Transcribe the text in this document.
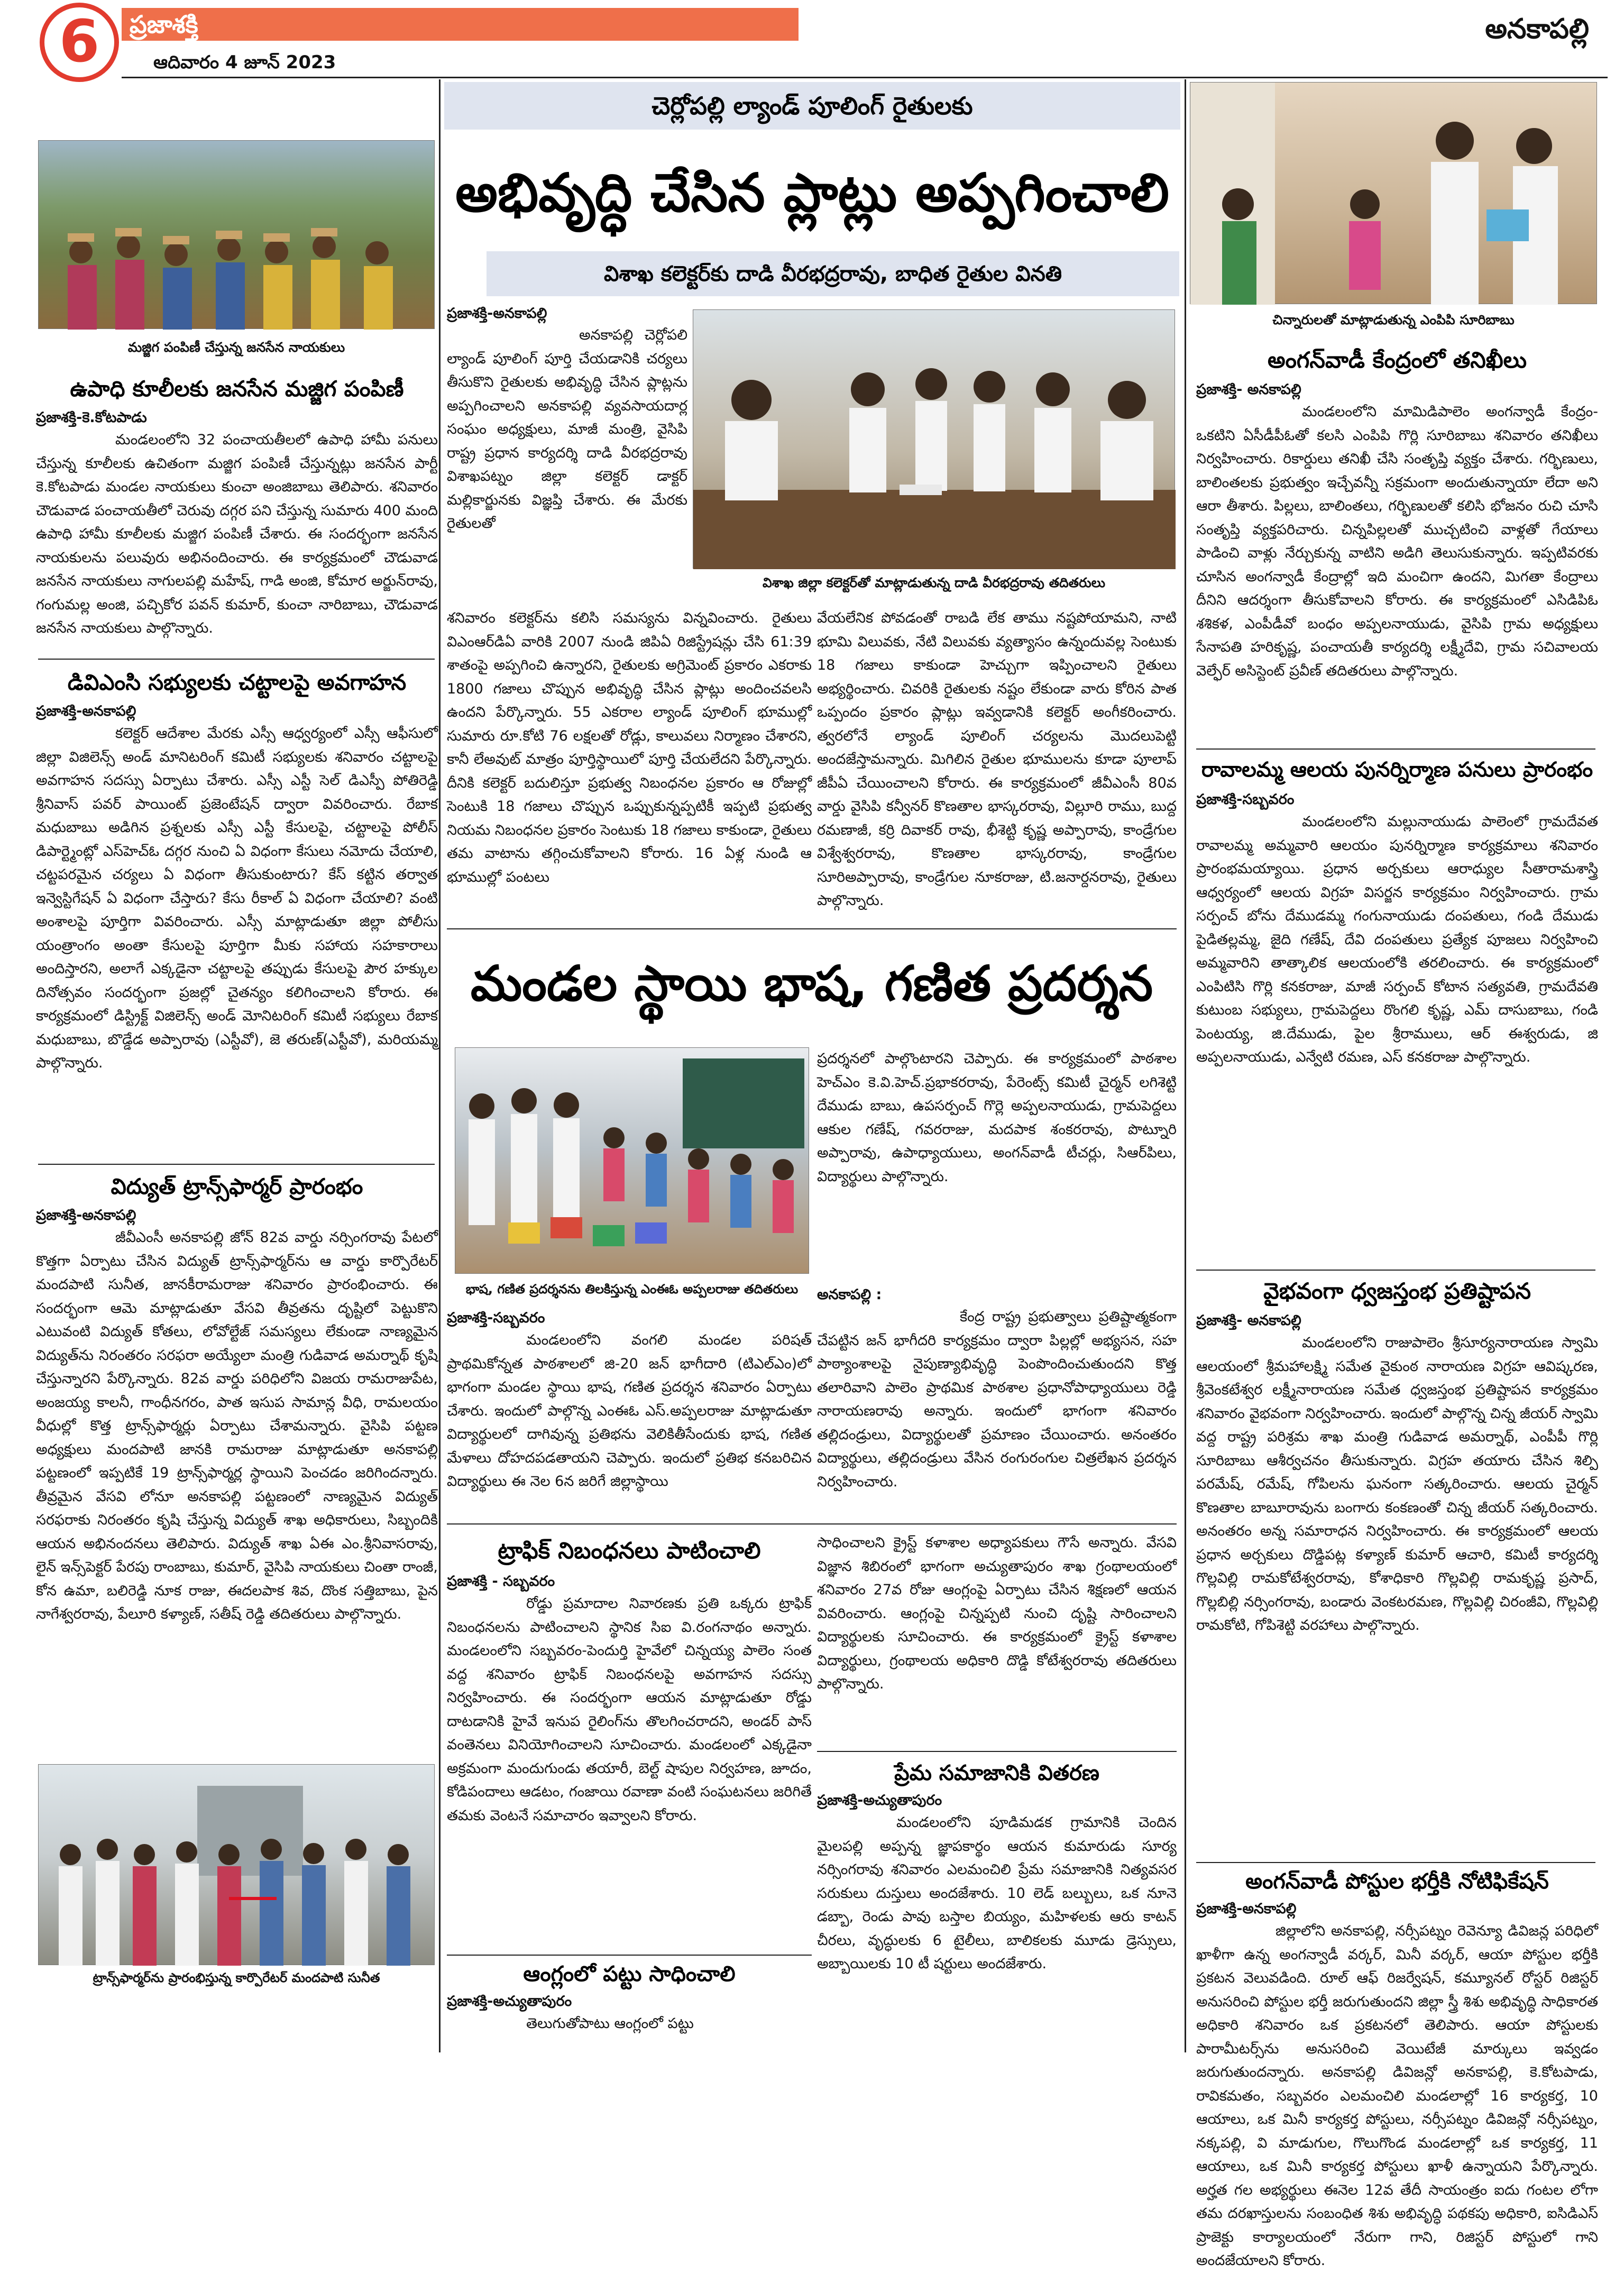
6	ప్రజాశక్తి	అనకాపల్లి
ఆదివారం 4 జూన్ 2023
మజ్జిగ పంపిణీ చేస్తున్న జనసేన నాయకులు
ఉపాధి కూలీలకు జనసేన మజ్జిగ పంపిణీ
ప్రజాశక్తి-కె.కోటపాడు
మండలంలోని 32 పంచాయతీలలో ఉపాధి హామీ పనులు చేస్తున్న కూలీలకు ఉచితంగా మజ్జిగ పంపిణీ చేస్తున్నట్లు జనసేన పార్టీ కె.కోటపాడు మండల నాయకులు కుంచా అంజిబాబు తెలిపారు. శనివారం చౌడువాడ పంచాయతీలో చెరువు దగ్గర పని చేస్తున్న సుమారు 400 మంది ఉపాధి హామీ కూలీలకు మజ్జిగ పంపిణీ చేశారు. ఈ సందర్భంగా జనసేన నాయకులను పలువురు అభినందించారు. ఈ కార్యక్రమంలో చౌడువాడ జనసేన నాయకులు నాగులపల్లి మహేష్, గాడి అంజి, కోమార అర్జున్‌రావు, గంగుమల్ల అంజి, పచ్చికోర పవన్ కుమార్, కుంచా నారిబాబు, చౌడువాడ జనసేన నాయకులు పాల్గొన్నారు.
డివిఎంసి సభ్యులకు చట్టాలపై అవగాహన
ప్రజాశక్తి-అనకాపల్లి
కలెక్టర్ ఆదేశాల మేరకు ఎస్సీ ఆధ్వర్యంలో ఎస్సీ ఆఫీసులో జిల్లా విజిలెన్స్ అండ్ మానిటరింగ్ కమిటీ సభ్యులకు శనివారం చట్టాలపై అవగాహన సదస్సు ఏర్పాటు చేశారు. ఎస్సీ ఎస్టీ సెల్ డిఎస్పీ పోతిరెడ్డి శ్రీనివాస్ పవర్ పాయింట్ ప్రజెంటేషన్ ద్వారా వివరించారు. రేబాక మధుబాబు అడిగిన ప్రశ్నలకు ఎస్సీ ఎస్టీ కేసులపై, చట్టాలపై పోలీస్ డిపార్ట్మెంట్లో ఎస్‌హెచ్‌ఓ దగ్గర నుంచి ఏ విధంగా కేసులు నమోదు చేయాలి, చట్టపరమైన చర్యలు ఏ విధంగా తీసుకుంటారు? కేస్ కట్టిన తర్వాత ఇన్వెస్టిగేషన్ ఏ విధంగా చేస్తారు? కేసు రీకాల్ ఏ విధంగా చేయాలి? వంటి అంశాలపై పూర్తిగా వివరించారు. ఎస్సీ మాట్లాడుతూ జిల్లా పోలీసు యంత్రాంగం అంతా కేసులపై పూర్తిగా మీకు సహాయ సహకారాలు అందిస్తారని, అలాగే ఎక్కడైనా చట్టాలపై తప్పుడు కేసులపై పౌర హక్కుల దినోత్సవం సందర్భంగా ప్రజల్లో చైతన్యం కలిగించాలని కోరారు. ఈ కార్యక్రమంలో డిస్ట్రిక్ట్ విజిలెన్స్ అండ్ మోనిటరింగ్ కమిటీ సభ్యులు రేబాక మధుబాబు, బొడ్డేడ అప్పారావు (ఎస్టీవో), జె తరుణ్(ఎస్టీవో), మరియమ్మ పాల్గొన్నారు.
విద్యుత్ ట్రాన్స్‌ఫార్మర్ ప్రారంభం
ప్రజాశక్తి-అనకాపల్లి
జీవీఎంసీ అనకాపల్లి జోన్ 82వ వార్డు నర్సింగరావు పేటలో కొత్తగా ఏర్పాటు చేసిన విద్యుత్ ట్రాన్స్‌ఫార్మర్‌ను ఆ వార్డు కార్పొరేటర్ మందపాటి సునీత, జానకీరామరాజు శనివారం ప్రారంభించారు. ఈ సందర్భంగా ఆమె మాట్లాడుతూ వేసవి తీవ్రతను దృష్టిలో పెట్టుకొని ఎటువంటి విద్యుత్ కోతలు, లోవోల్టేజ్ సమస్యలు లేకుండా నాణ్యమైన విద్యుత్‌ను నిరంతరం సరఫరా అయ్యేలా మంత్రి గుడివాడ అమర్నాథ్ కృషి చేస్తున్నారని పేర్కొన్నారు. 82వ వార్డు పరిధిలోని విజయ రామరాజుపేట, అంజయ్య కాలనీ, గాంధీనగరం, పాత ఇసుప సామాన్ల వీధి, రామలయం వీధుల్లో కొత్త ట్రాన్స్‌ఫార్మర్లు ఏర్పాటు చేశామన్నారు. వైసిపి పట్టణ అధ్యక్షులు మందపాటి జానకి రామరాజు మాట్లాడుతూ అనకాపల్లి పట్టణంలో ఇప్పటికే 19 ట్రాన్స్‌ఫార్మర్ల స్థాయిని పెంచడం జరిగిందన్నారు. తీవ్రమైన వేసవి లోనూ అనకాపల్లి పట్టణంలో నాణ్యమైన విద్యుత్ సరఫరాకు నిరంతరం కృషి చేస్తున్న విద్యుత్ శాఖ అధికారులు, సిబ్బందికి ఆయన అభినందనలు తెలిపారు. విద్యుత్ శాఖ ఏఈ ఎం.శ్రీనివాసరావు, లైన్ ఇన్స్‌పెక్టర్ పేరపు రాంబాబు, కుమార్, వైసిపి నాయకులు చింతా రాంజీ, కోన ఉమా, బలిరెడ్డి నూక రాజు, ఈదలపాక శివ, దొంక సత్తిబాబు, పైన నాగేశ్వరరావు, పేలూరి కళ్యాణ్, సతీష్ రెడ్డి తదితరులు పాల్గొన్నారు.
ట్రాన్స్‌ఫార్మర్‌ను ప్రారంభిస్తున్న కార్పొరేటర్ మందపాటి సునీత
చెర్లోపల్లి ల్యాండ్ పూలింగ్ రైతులకు
అభివృద్ధి చేసిన ప్లాట్లు అప్పగించాలి
విశాఖ కలెక్టర్‌కు దాడి వీరభద్రరావు, బాధిత రైతుల వినతి
ప్రజాశక్తి-అనకాపల్లి
అనకాపల్లి చెర్లోపలి ల్యాండ్ పూలింగ్ పూర్తి చేయడానికి చర్యలు తీసుకొని రైతులకు అభివృద్ధి చేసిన ప్లాట్లను అప్పగించాలని అనకాపల్లి వ్యవసాయదార్ల సంఘం అధ్యక్షులు, మాజీ మంత్రి, వైసిపి రాష్ట్ర ప్రధాన కార్యదర్శి దాడి వీరభద్రరావు విశాఖపట్నం జిల్లా కలెక్టర్ డాక్టర్ మల్లికార్జునకు విజ్ఞప్తి చేశారు. ఈ మేరకు రైతులతో
విశాఖ జిల్లా కలెక్టర్‌తో మాట్లాడుతున్న దాడి వీరభద్రరావు తదితరులు
శనివారం కలెక్టర్‌ను కలిసి సమస్యను విన్నవించారు. రైతులు విఎంఆర్‌డిఏ వారికి 2007 నుండి జిపిఏ రిజిస్ట్రేషన్లు చేసి 61:39 శాతంపై అప్పగించి ఉన్నారని, రైతులకు అగ్రిమెంట్ ప్రకారం ఎకరాకు 1800 గజాలు చొప్పున అభివృద్ధి చేసిన ప్లాట్లు అందించవలసి ఉందని పేర్కొన్నారు. 55 ఎకరాల ల్యాండ్ పూలింగ్ భూముల్లో సుమారు రూ.కోటి 76 లక్షలతో రోడ్లు, కాలువలు నిర్మాణం చేశారని, కానీ లేఅవుట్ మాత్రం పూర్తిస్థాయిలో పూర్తి చేయలేదని పేర్కొన్నారు. దీనికి కలెక్టర్ బదులిస్తూ ప్రభుత్వ నిబంధనల ప్రకారం ఆ రోజుల్లో సెంటుకి 18 గజాలు చొప్పున ఒప్పుకున్నప్పటికీ ఇప్పటి ప్రభుత్వ నియమ నిబంధనల ప్రకారం సెంటుకు 18 గజాలు కాకుండా, రైతులు తమ వాటాను తగ్గించుకోవాలని కోరారు. 16 ఏళ్ల నుండి ఆ భూముల్లో పంటలు
వేయలేనిక పోవడంతో రాబడి లేక తాము నష్టపోయామని, నాటి భూమి విలువకు, నేటి విలువకు వ్యత్యాసం ఉన్నందువల్ల సెంటుకు 18 గజాలు కాకుండా హెచ్చుగా ఇప్పించాలని రైతులు అభ్యర్థించారు. చివరికి రైతులకు నష్టం లేకుండా వారు కోరిన పాత ఒప్పందం ప్రకారం ప్లాట్లు ఇవ్వడానికి కలెక్టర్ అంగీకరించారు. త్వరలోనే ల్యాండ్ పూలింగ్ చర్యలను మొదలుపెట్టి అందజేస్తామన్నారు. మిగిలిన రైతుల భూములను కూడా పూలాప్ జీపీఏ చేయించాలని కోరారు. ఈ కార్యక్రమంలో జీవీఎంసీ 80వ వార్డు వైసిపి కన్వీనర్ కొణతాల భాస్కరరావు, విల్లూరి రాము, బుద్ద రమణాజీ, కర్రి దివాకర్ రావు, భీశెట్టి కృష్ణ అప్పారావు, కాండ్రేగుల విశ్వేశ్వరరావు, కొణతాల భాస్కరరావు, కాండ్రేగుల సూరిఅప్పారావు, కాండ్రేగుల నూకరాజు, టి.జనార్దనరావు, రైతులు పాల్గొన్నారు.
మండల స్థాయి భాష, గణిత ప్రదర్శన
భాష, గణిత ప్రదర్శనను తిలకిస్తున్న ఎంఈఓ అప్పలరాజు తదితరులు
ప్రదర్శనలో పాల్గొంటారని చెప్పారు. ఈ కార్యక్రమంలో పాఠశాల హెచ్‌ఎం కె.వి.హెచ్.ప్రభాకరరావు, పేరెంట్స్ కమిటీ చైర్మన్ లగిశెట్టి దేముడు బాబు, ఉపసర్పంచ్ గొర్లె అప్పలనాయుడు, గ్రామపెద్దలు ఆకుల గణేష్, గవరరాజు, మదపాక శంకరరావు, పొట్నూరి అప్పారావు, ఉపాధ్యాయులు, అంగన్‌వాడీ టీచర్లు, సిఆర్‌పిలు, విద్యార్థులు పాల్గొన్నారు.
అనకాపల్లి :
ప్రజాశక్తి-సబ్బవరం
మండలంలోని వంగలి మండల పరిషత్ ప్రాథమికోన్నత పాఠశాలలో జి-20 జన్ భాగీదారి (టిఎల్‌ఎం)లో భాగంగా మండల స్థాయి భాష, గణిత ప్రదర్శన శనివారం ఏర్పాటు చేశారు. ఇందులో పాల్గొన్న ఎంఈఓ ఎస్.అప్పలరాజు మాట్లాడుతూ విద్యార్థులలో దాగివున్న ప్రతిభను వెలికితీసేందుకు భాష, గణిత మేళాలు దోహదపడతాయని చెప్పారు. ఇందులో ప్రతిభ కనబరిచిన విద్యార్థులు ఈ నెల 6న జరిగే జిల్లాస్థాయి
కేంద్ర రాష్ట్ర ప్రభుత్వాలు ప్రతిష్టాత్మకంగా చేపట్టిన జన్ భాగీదరి కార్యక్రమం ద్వారా పిల్లల్లో అభ్యసన, సహ పాఠ్యాంశాలపై నైపుణ్యాభివృద్ధి పెంపొందించుతుందని కొత్త తలారివాని పాలెం ప్రాథమిక పాఠశాల ప్రధానోపాధ్యాయులు రెడ్డి నారాయణరావు అన్నారు. ఇందులో భాగంగా శనివారం తల్లిదండ్రులు, విద్యార్థులతో ప్రమాణం చేయించారు. అనంతరం విద్యార్థులు, తల్లిదండ్రులు వేసిన రంగురంగుల చిత్రలేఖన ప్రదర్శన నిర్వహించారు.
ట్రాఫిక్ నిబంధనలు పాటించాలి
ప్రజాశక్తి - సబ్బవరం
రోడ్డు ప్రమాదాల నివారణకు ప్రతి ఒక్కరు ట్రాఫిక్ నిబంధనలను పాటించాలని స్థానిక సిఐ వి.రంగనాథం అన్నారు. మండలంలోని సబ్బవరం-పెందుర్తి హైవేలో చిన్నయ్య పాలెం సంత వద్ద శనివారం ట్రాఫిక్ నిబంధనలపై అవగాహన సదస్సు నిర్వహించారు. ఈ సందర్భంగా ఆయన మాట్లాడుతూ రోడ్డు దాటడానికి హైవే ఇనుప రైలింగ్‌ను తొలగించరాదని, అండర్ పాస్ వంతెనలు వినియోగించాలని సూచించారు. మండలంలో ఎక్కడైనా అక్రమంగా మందుగుండు తయారీ, బెల్ట్ షాపుల నిర్వహణ, జూదం, కోడిపందాలు ఆడటం, గంజాయి రవాణా వంటి సంఘటనలు జరిగితే తమకు వెంటనే సమాచారం ఇవ్వాలని కోరారు.
ఆంగ్లంలో పట్టు సాధించాలి
ప్రజాశక్తి-అచ్యుతాపురం
తెలుగుతోపాటు ఆంగ్లంలో పట్టు
సాధించాలని క్రైస్ట్ కళాశాల అధ్యాపకులు గౌసే అన్నారు. వేసవి విజ్ఞాన శిబిరంలో భాగంగా అచ్యుతాపురం శాఖ గ్రంథాలయంలో శనివారం 27వ రోజు ఆంగ్లంపై ఏర్పాటు చేసిన శిక్షణలో ఆయన వివరించారు. ఆంగ్లంపై చిన్నప్పటి నుంచి దృష్టి సారించాలని విద్యార్థులకు సూచించారు. ఈ కార్యక్రమంలో క్రైస్ట్ కళాశాల విద్యార్థులు, గ్రంథాలయ అధికారి దొడ్డి కోటేశ్వరరావు తదితరులు పాల్గొన్నారు.
ప్రేమ సమాజానికి వితరణ
ప్రజాశక్తి-అచ్యుతాపురం
మండలంలోని పూడిమడక గ్రామానికి చెందిన మైలపల్లి అప్పన్న జ్ఞాపకార్థం ఆయన కుమారుడు సూర్య నర్సింగరావు శనివారం ఎలమంచిలి ప్రేమ సమాజానికి నిత్యవసర సరుకులు దుస్తులు అందజేశారు. 10 లెడ్ బల్బులు, ఒక నూనె డబ్బా, రెండు పావు బస్తాల బియ్యం, మహిళలకు ఆరు కాటన్ చీరలు, వృద్ధులకు 6 టైలీలు, బాలికలకు మూడు డ్రెస్సులు, అబ్బాయిలకు 10 టీ షర్టులు అందజేశారు.
చిన్నారులతో మాట్లాడుతున్న ఎంపిపి సూరిబాబు
అంగన్‌వాడీ కేంద్రంలో తనిఖీలు
ప్రజాశక్తి- అనకాపల్లి
మండలంలోని మామిడిపాలెం అంగన్వాడీ కేంద్రం-ఒకటిని ఏసీడీపీఓతో కలసి ఎంపిపి గొర్లి సూరిబాబు శనివారం తనిఖీలు నిర్వహించారు. రికార్డులు తనిఖీ చేసి సంతృప్తి వ్యక్తం చేశారు. గర్భిణులు, బాలింతలకు ప్రభుత్వం ఇచ్చేవన్నీ సక్రమంగా అందుతున్నాయా లేదా అని ఆరా తీశారు. పిల్లలు, బాలింతలు, గర్భిణులతో కలిసి భోజనం రుచి చూసి సంతృప్తి వ్యక్తపరిచారు. చిన్నపిల్లలతో ముచ్చటించి వాళ్లతో గేయాలు పాడించి వాళ్లు నేర్చుకున్న వాటిని అడిగి తెలుసుకున్నారు. ఇప్పటివరకు చూసిన అంగన్వాడీ కేంద్రాల్లో ఇది మంచిగా ఉందని, మిగతా కేంద్రాలు దీనిని ఆదర్శంగా తీసుకోవాలని కోరారు. ఈ కార్యక్రమంలో ఎసిడిపిఓ శశికళ, ఎంపీడీవో బంధం అప్పలనాయుడు, వైసిపి గ్రామ అధ్యక్షులు సేనాపతి హరికృష్ణ, పంచాయతీ కార్యదర్శి లక్ష్మీదేవి, గ్రామ సచివాలయ వెల్ఫేర్ అసిస్టెంట్ ప్రవీణ్ తదితరులు పాల్గొన్నారు.
రావాలమ్మ ఆలయ పునర్నిర్మాణ పనులు ప్రారంభం
ప్రజాశక్తి-సబ్బవరం
మండలంలోని మల్లునాయుడు పాలెంలో గ్రామదేవత రావాలమ్మ అమ్మవారి ఆలయం పునర్నిర్మాణ కార్యక్రమాలు శనివారం ప్రారంభమయ్యాయి. ప్రధాన అర్చకులు ఆరాధ్యుల సీతారామశాస్త్రి ఆధ్వర్యంలో ఆలయ విగ్రహ విసర్జన కార్యక్రమం నిర్వహించారు. గ్రామ సర్పంచ్ బోను దేముడమ్మ గంగునాయుడు దంపతులు, గండి దేముడు పైడితల్లమ్మ, జైది గణేష్, దేవి దంపతులు ప్రత్యేక పూజలు నిర్వహించి అమ్మవారిని తాత్కాలిక ఆలయంలోకి తరలించారు. ఈ కార్యక్రమంలో ఎంపిటిసి గొర్లి కనకరాజు, మాజీ సర్పంచ్ కోటాన సత్యవతి, గ్రామదేవతి కుటుంబ సభ్యులు, గ్రామపెద్దలు రొంగలి కృష్ణ, ఎమ్ దాసుబాబు, గండి పెంటయ్య, జి.దేముడు, పైల శ్రీరాములు, ఆర్ ఈశ్వరుడు, జి అప్పలనాయుడు, ఎన్వేటి రమణ, ఎస్ కనకరాజు పాల్గొన్నారు.
వైభవంగా ధ్వజస్తంభ ప్రతిష్టాపన
ప్రజాశక్తి- అనకాపల్లి
మండలంలోని రాజుపాలెం శ్రీసూర్యనారాయణ స్వామి ఆలయంలో శ్రీమహాలక్ష్మి సమేత వైకుంఠ నారాయణ విగ్రహ ఆవిష్కరణ, శ్రీవెంకటేశ్వర లక్ష్మీనారాయణ సమేత ధ్వజస్తంభ ప్రతిష్టాపన కార్యక్రమం శనివారం వైభవంగా నిర్వహించారు. ఇందులో పాల్గొన్న చిన్న జీయర్ స్వామి వద్ద రాష్ట్ర పరిశ్రమ శాఖ మంత్రి గుడివాడ అమర్నాథ్, ఎంపీపీ గొర్లి సూరిబాబు ఆశీర్వచనం తీసుకున్నారు. విగ్రహ తయారు చేసిన శిల్పి పరమేష్, రమేష్, గోపిలను ఘనంగా సత్కరించారు. ఆలయ చైర్మన్ కొణతాల బాబూరావును బంగారు కంకణంతో చిన్న జీయర్ సత్కరించారు. అనంతరం అన్న సమారాధన నిర్వహించారు. ఈ కార్యక్రమంలో ఆలయ ప్రధాన అర్చకులు దొడ్డిపట్ల కళ్యాణ్ కుమార్ ఆచారి, కమిటీ కార్యదర్శి గొల్లవిల్లి రామకోటేశ్వరరావు, కోశాధికారి గొల్లవిల్లి రామకృష్ణ ప్రసాద్, గొల్లబిల్లి నర్సింగరావు, బండారు వెంకటరమణ, గొల్లవిల్లి చిరంజీవి, గొల్లవిల్లి రామకోటి, గోపిశెట్టి వరహాలు పాల్గొన్నారు.
అంగన్‌వాడీ పోస్టుల భర్తీకి నోటిఫికేషన్
ప్రజాశక్తి-అనకాపల్లి
జిల్లాలోని అనకాపల్లి, నర్సీపట్నం రెవెన్యూ డివిజన్ల పరిధిలో ఖాళీగా ఉన్న అంగన్వాడీ వర్కర్, మినీ వర్కర్, ఆయా పోస్టుల భర్తీకి ప్రకటన వెలువడింది. రూల్ ఆఫ్ రిజర్వేషన్, కమ్యూనల్ రోస్టర్ రిజిస్టర్ అనుసరించి పోస్టుల భర్తీ జరుగుతుందని జిల్లా స్త్రీ శిశు అభివృద్ధి సాధికారత అధికారి శనివారం ఒక ప్రకటనలో తెలిపారు. ఆయా పోస్టులకు పారామీటర్స్‌ను అనుసరించి వెయిటేజీ మార్కులు ఇవ్వడం జరుగుతుందన్నారు. అనకాపల్లి డివిజన్లో అనకాపల్లి, కె.కోటపాడు, రావికమతం, సబ్బవరం ఎలమంచిలి మండలాల్లో 16 కార్యకర్త, 10 ఆయాలు, ఒక మినీ కార్యకర్త పోస్టులు, నర్సీపట్నం డివిజన్లో నర్సీపట్నం, నక్కపల్లి, వి మాడుగుల, గొలుగొండ మండలాల్లో ఒక కార్యకర్త, 11 ఆయాలు, ఒక మినీ కార్యకర్త పోస్టులు ఖాళీ ఉన్నాయని పేర్కొన్నారు. అర్హత గల అభ్యర్థులు ఈనెల 12వ తేదీ సాయంత్రం ఐదు గంటల లోగా తమ దరఖాస్తులను సంబంధిత శిశు అభివృద్ధి పథకపు అధికారి, ఐసిడిఎస్ ప్రాజెక్టు కార్యాలయంలో నేరుగా గాని, రిజిస్టర్ పోస్టులో గాని అందజేయాలని కోరారు.
